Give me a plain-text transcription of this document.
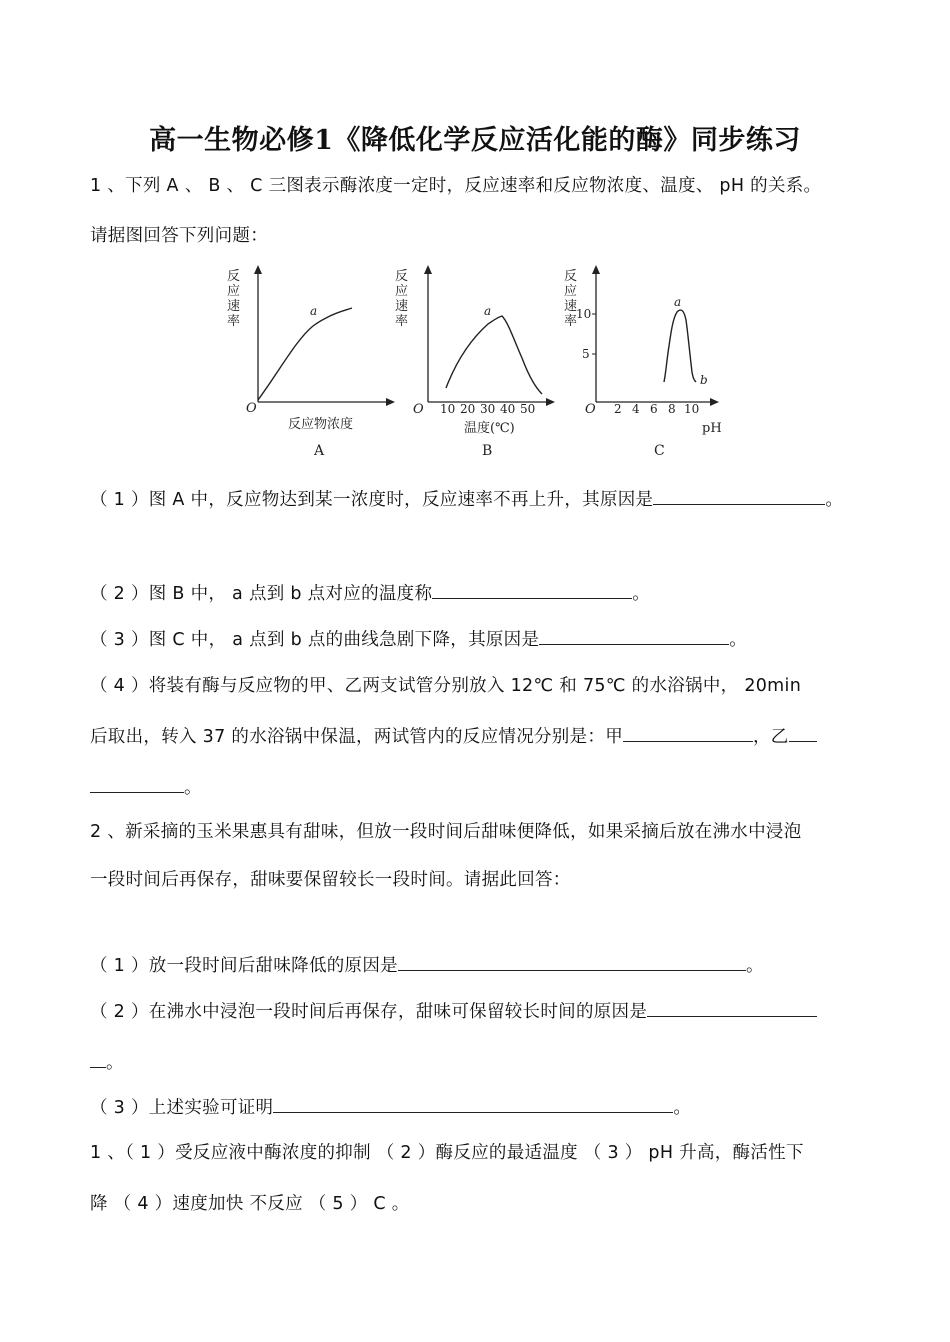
高一生物必修1《降低化学反应活化能的酶》同步练习
1 、下列 A 、 B 、 C 三图表示酶浓度一定时，反应速率和反应物浓度、温度、 pH 的关系。
请据图回答下列问题：
反
应
速
率
a
O
反应物浓度
A
反
应
速
率
a
O 10 20 30 40 50
温度(℃)
B
反
应
速
率
10
5
a
b
O 2 4 6 8 10
pH
C
（ 1 ）图 A 中，反应物达到某一浓度时，反应速率不再上升，其原因是	。
（ 2 ）图 B 中， a 点到 b 点对应的温度称	。
（ 3 ）图 C 中， a 点到 b 点的曲线急剧下降，其原因是	。
（ 4 ）将装有酶与反应物的甲、乙两支试管分别放入 12℃ 和 75℃ 的水浴锅中， 20min
后取出，转入 37 的水浴锅中保温，两试管内的反应情况分别是：甲	，乙
。
2 、新采摘的玉米果惠具有甜味，但放一段时间后甜味便降低，如果采摘后放在沸水中浸泡
一段时间后再保存，甜味要保留较长一段时间。请据此回答：
（ 1 ）放一段时间后甜味降低的原因是	。
（ 2 ）在沸水中浸泡一段时间后再保存，甜味可保留较长时间的原因是
。
（ 3 ）上述实验可证明	。
1 、（ 1 ）受反应液中酶浓度的抑制 （ 2 ）酶反应的最适温度 （ 3 ） pH 升高，酶活性下
降 （ 4 ）速度加快 不反应 （ 5 ） C 。
